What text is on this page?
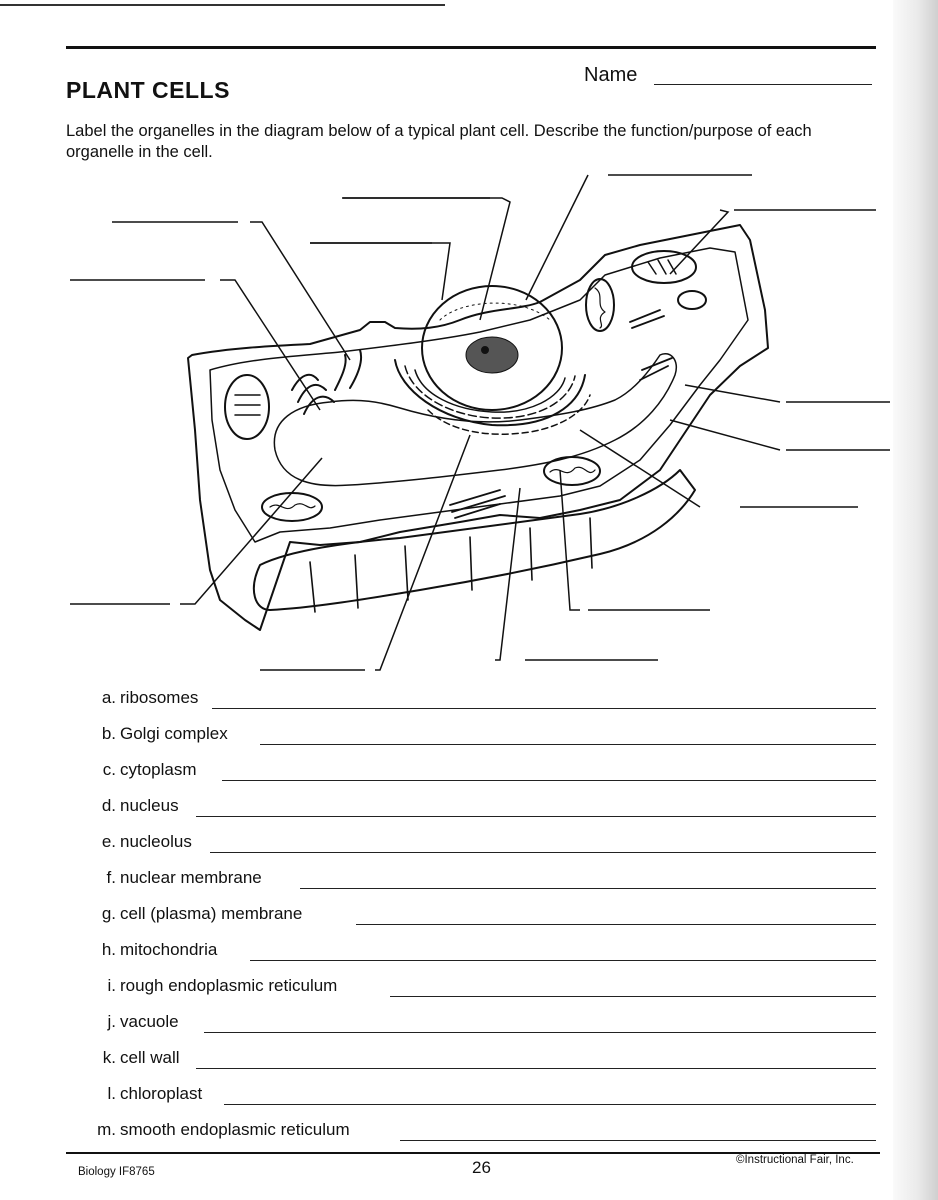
PLANT CELLS
Name
Label the organelles in the diagram below of a typical plant cell. Describe the function/purpose of each organelle in the cell.
a. ribosomes
b. Golgi complex
c. cytoplasm
d. nucleus
e. nucleolus
f. nuclear membrane
g. cell (plasma) membrane
h. mitochondria
i. rough endoplasmic reticulum
j. vacuole
k. cell wall
l. chloroplast
m. smooth endoplasmic reticulum
Biology IF8765	26	©Instructional Fair, Inc.
